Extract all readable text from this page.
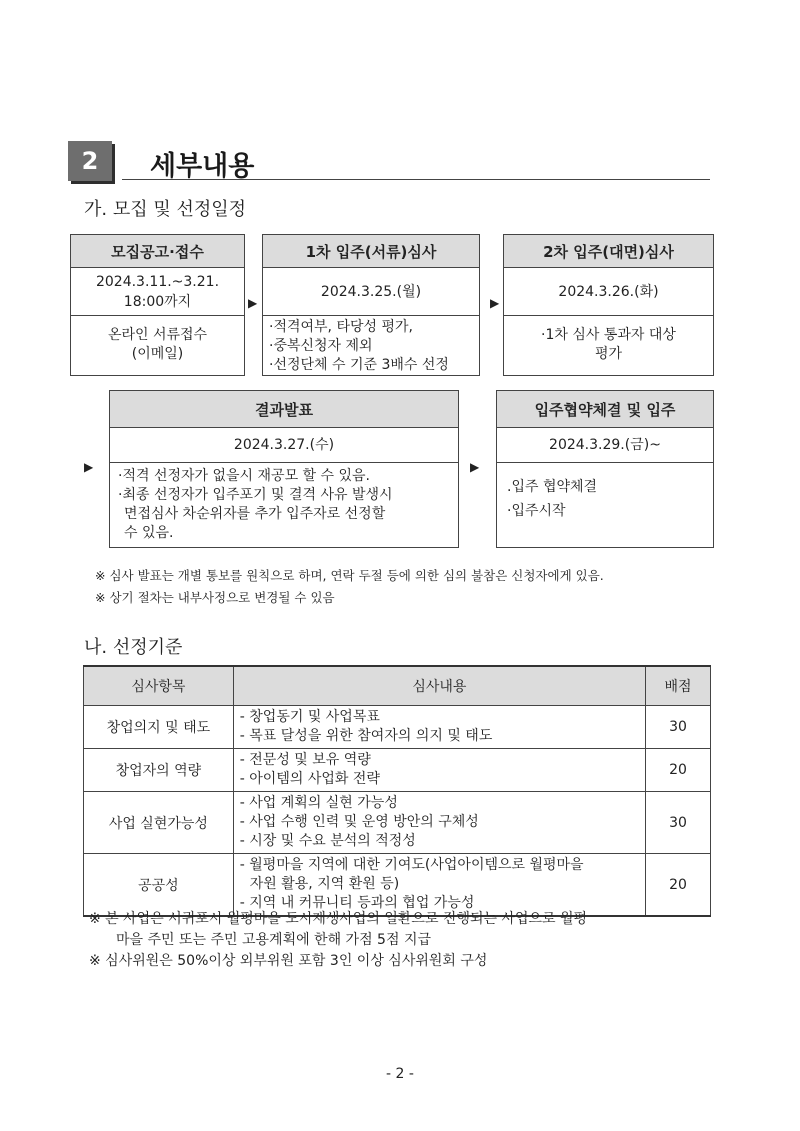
2	세부내용
가. 모집 및 선정일정
모집공고·접수
2024.3.11.~3.21.
18:00까지
온라인 서류접수
(이메일)
▶
1차 입주(서류)심사
2024.3.25.(월)
·적격여부, 타당성 평가,
·중복신청자 제외
·선정단체 수 기준 3배수 선정
▶
2차 입주(대면)심사
2024.3.26.(화)
·1차 심사 통과자 대상
평가
▶
결과발표
2024.3.27.(수)
·적격 선정자가 없을시 재공모 할 수 있음.
·최종 선정자가 입주포기 및 결격 사유 발생시
면접심사 차순위자를 추가 입주자로 선정할
수 있음.
▶
입주협약체결 및 입주
2024.3.29.(금)~
.입주 협약체결
·입주시작
※ 심사 발표는 개별 통보를 원칙으로 하며, 연락 두절 등에 의한 심의 불참은 신청자에게 있음.
※ 상기 절차는 내부사정으로 변경될 수 있음
나. 선정기준
심사항목	심사내용	배점
창업의지 및 태도	- 창업동기 및 사업목표
- 목표 달성을 위한 참여자의 의지 및 태도	30
창업자의 역량	- 전문성 및 보유 역량
- 아이템의 사업화 전략	20
사업 실현가능성	- 사업 계획의 실현 가능성
- 사업 수행 인력 및 운영 방안의 구체성
- 시장 및 수요 분석의 적정성	30
공공성	- 월평마을 지역에 대한 기여도(사업아이템으로 월평마을
자원 활용, 지역 환원 등)
- 지역 내 커뮤니티 등과의 협업 가능성	20
※ 본 사업은 서귀포시 월평마을 도시재생사업의 일환으로 진행되는 사업으로 월평
마을 주민 또는 주민 고용계획에 한해 가점 5점 지급
※ 심사위원은 50%이상 외부위원 포함 3인 이상 심사위원회 구성
- 2 -
